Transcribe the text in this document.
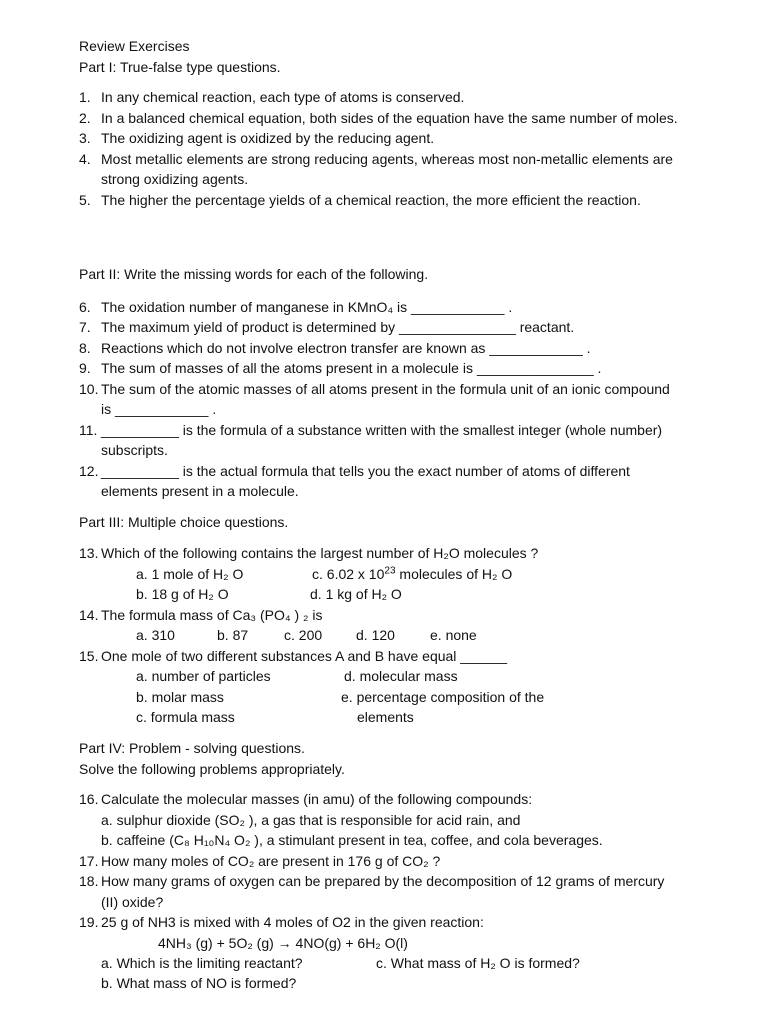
Review Exercises
Part I: True-false type questions.
1. In any chemical reaction, each type of atoms is conserved.
2. In a balanced chemical equation, both sides of the equation have the same number of moles.
3. The oxidizing agent is oxidized by the reducing agent.
4. Most metallic elements are strong reducing agents, whereas most non-metallic elements are strong oxidizing agents.
5. The higher the percentage yields of a chemical reaction, the more efficient the reaction.
Part II: Write the missing words for each of the following.
6. The oxidation number of manganese in KMnO₄ is ____________ .
7. The maximum yield of product is determined by _______________ reactant.
8. Reactions which do not involve electron transfer are known as ____________ .
9. The sum of masses of all the atoms present in a molecule is _______________ .
10. The sum of the atomic masses of all atoms present in the formula unit of an ionic compound is ____________ .
11. __________ is the formula of a substance written with the smallest integer (whole number) subscripts.
12. __________ is the actual formula that tells you the exact number of atoms of different elements present in a molecule.
Part III: Multiple choice questions.
13. Which of the following contains the largest number of H₂O molecules ?
a. 1 mole of H₂ O	c. 6.02 x $10^{23}$ molecules of H₂ O
b. 18 g of H₂ O	d. 1 kg of H₂ O
14. The formula mass of Ca₃ (PO₄ ) ₂ is
a. 310	b. 87	c. 200 d. 120	e. none
15. One mole of two different substances A and B have equal ______
a. number of particles	d. molecular mass
b. molar mass	e. percentage composition of the
c. formula mass	elements
Part IV: Problem - solving questions.
Solve the following problems appropriately.
16. Calculate the molecular masses (in amu) of the following compounds:
a. sulphur dioxide (SO₂ ), a gas that is responsible for acid rain, and
b. caffeine (C₈ H₁₀N₄ O₂ ), a stimulant present in tea, coffee, and cola beverages.
17. How many moles of CO₂ are present in 176 g of CO₂ ?
18. How many grams of oxygen can be prepared by the decomposition of 12 grams of mercury (II) oxide?
19. 25 g of NH3 is mixed with 4 moles of O2 in the given reaction:
4NH₃ (g) + 5O₂ (g) → 4NO(g) + 6H₂ O(l)
a. Which is the limiting reactant?	c. What mass of H₂ O is formed?
b. What mass of NO is formed?
